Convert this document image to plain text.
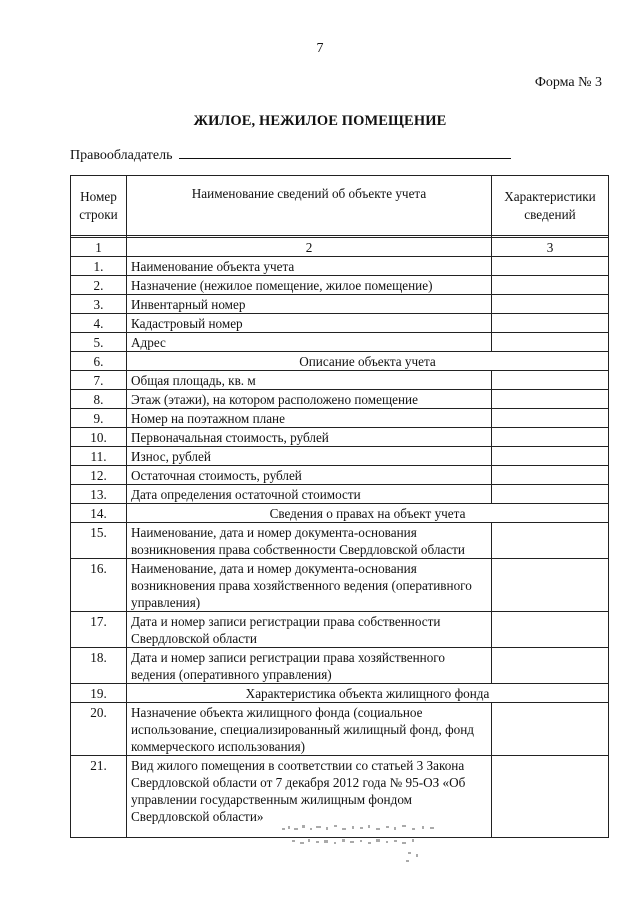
7
Форма № 3
ЖИЛОЕ, НЕЖИЛОЕ ПОМЕЩЕНИЕ
Правообладатель
Номер строки	Наименование сведений об объекте учета	Характеристики сведений

1	2	3
1.	Наименование объекта учета	
2.	Назначение (нежилое помещение, жилое помещение)	
3.	Инвентарный номер	
4.	Кадастровый номер	
5.	Адрес	
6.	Описание объекта учета	
7.	Общая площадь, кв. м	
8.	Этаж (этажи), на котором расположено помещение	
9.	Номер на поэтажном плане	
10.	Первоначальная стоимость, рублей	
11.	Износ, рублей	
12.	Остаточная стоимость, рублей	
13.	Дата определения остаточной стоимости	
14.	Сведения о правах на объект учета	
15.	Наименование, дата и номер документа-основания возникновения права собственности Свердловской области	
16.	Наименование, дата и номер документа-основания возникновения права хозяйственного ведения (оперативного управления)	
17.	Дата и номер записи регистрации права собственности Свердловской области	
18.	Дата и номер записи регистрации права хозяйственного ведения (оперативного управления)	
19.	Характеристика объекта жилищного фонда	
20.	Назначение объекта жилищного фонда (социальное использование, специализированный жилищный фонд, фонд коммерческого использования)	
21.	Вид жилого помещения в соответствии со статьей 3 Закона Свердловской области от 7 декабря 2012 года № 95-ОЗ «Об управлении государственным жилищным фондом Свердловской области»	
